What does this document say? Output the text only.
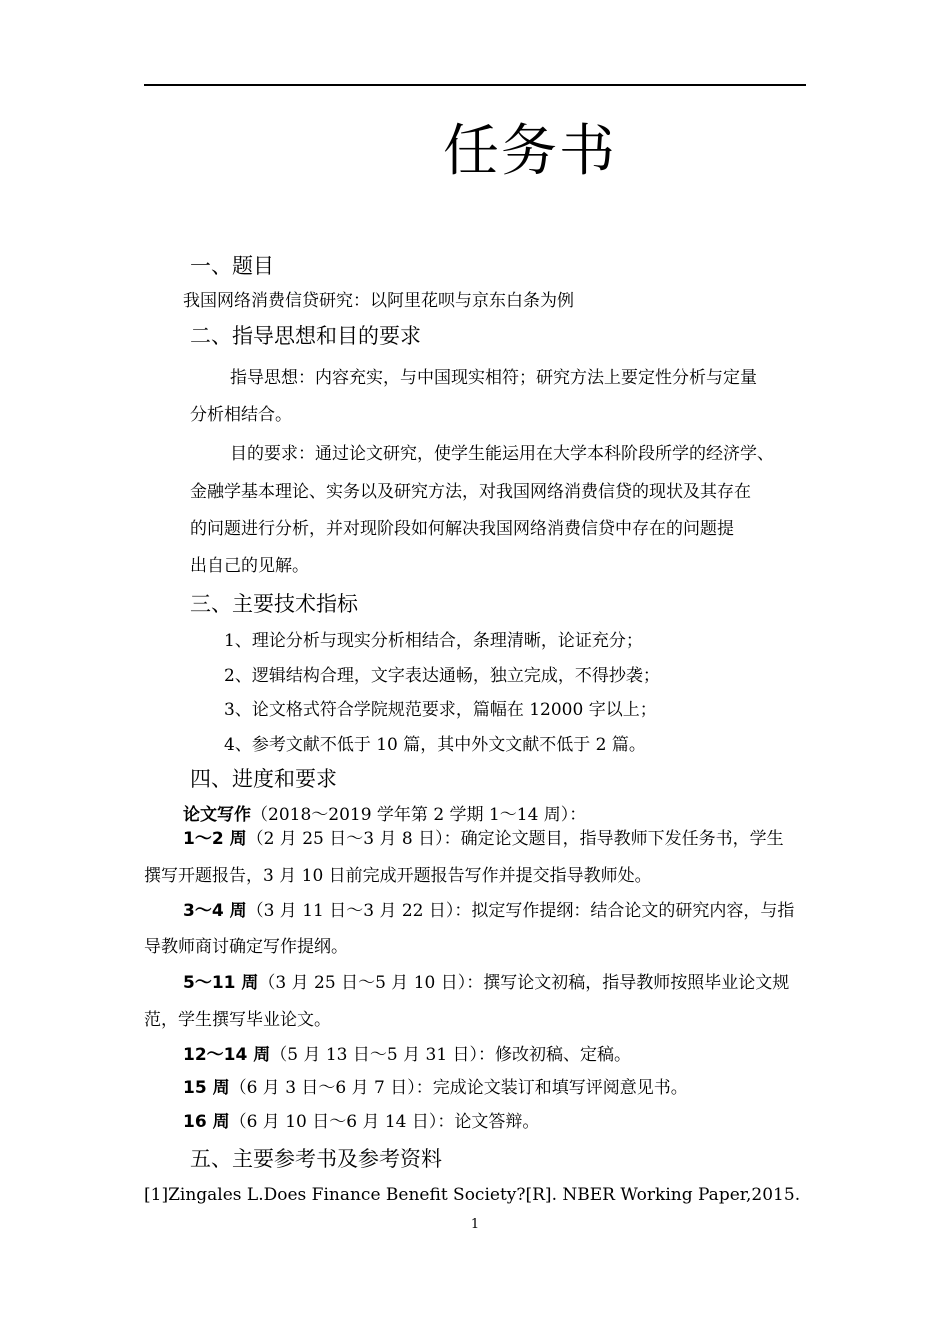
任务书
一、题目
我国网络消费信贷研究：以阿里花呗与京东白条为例
二、指导思想和目的要求
指导思想：内容充实，与中国现实相符；研究方法上要定性分析与定量
分析相结合。
目的要求：通过论文研究，使学生能运用在大学本科阶段所学的经济学、
金融学基本理论、实务以及研究方法，对我国网络消费信贷的现状及其存在
的问题进行分析，并对现阶段如何解决我国网络消费信贷中存在的问题提
出自己的见解。
三、主要技术指标
1、理论分析与现实分析相结合，条理清晰，论证充分；
2、逻辑结构合理，文字表达通畅，独立完成，不得抄袭；
3、论文格式符合学院规范要求，篇幅在 12000 字以上；
4、参考文献不低于 10 篇，其中外文文献不低于 2 篇。
四、进度和要求
论文写作（2018～2019 学年第 2 学期 1～14 周）：
1～2 周（2 月 25 日～3 月 8 日）：确定论文题目，指导教师下发任务书，学生
撰写开题报告，3 月 10 日前完成开题报告写作并提交指导教师处。
3～4 周（3 月 11 日～3 月 22 日）：拟定写作提纲：结合论文的研究内容，与指
导教师商讨确定写作提纲。
5～11 周（3 月 25 日～5 月 10 日）：撰写论文初稿，指导教师按照毕业论文规
范，学生撰写毕业论文。
12～14 周（5 月 13 日～5 月 31 日）：修改初稿、定稿。
15 周（6 月 3 日～6 月 7 日）：完成论文装订和填写评阅意见书。
16 周（6 月 10 日～6 月 14 日）：论文答辩。
五、主要参考书及参考资料
[1]Zingales L.Does Finance Benefit Society?[R]. NBER Working Paper,2015.
1
